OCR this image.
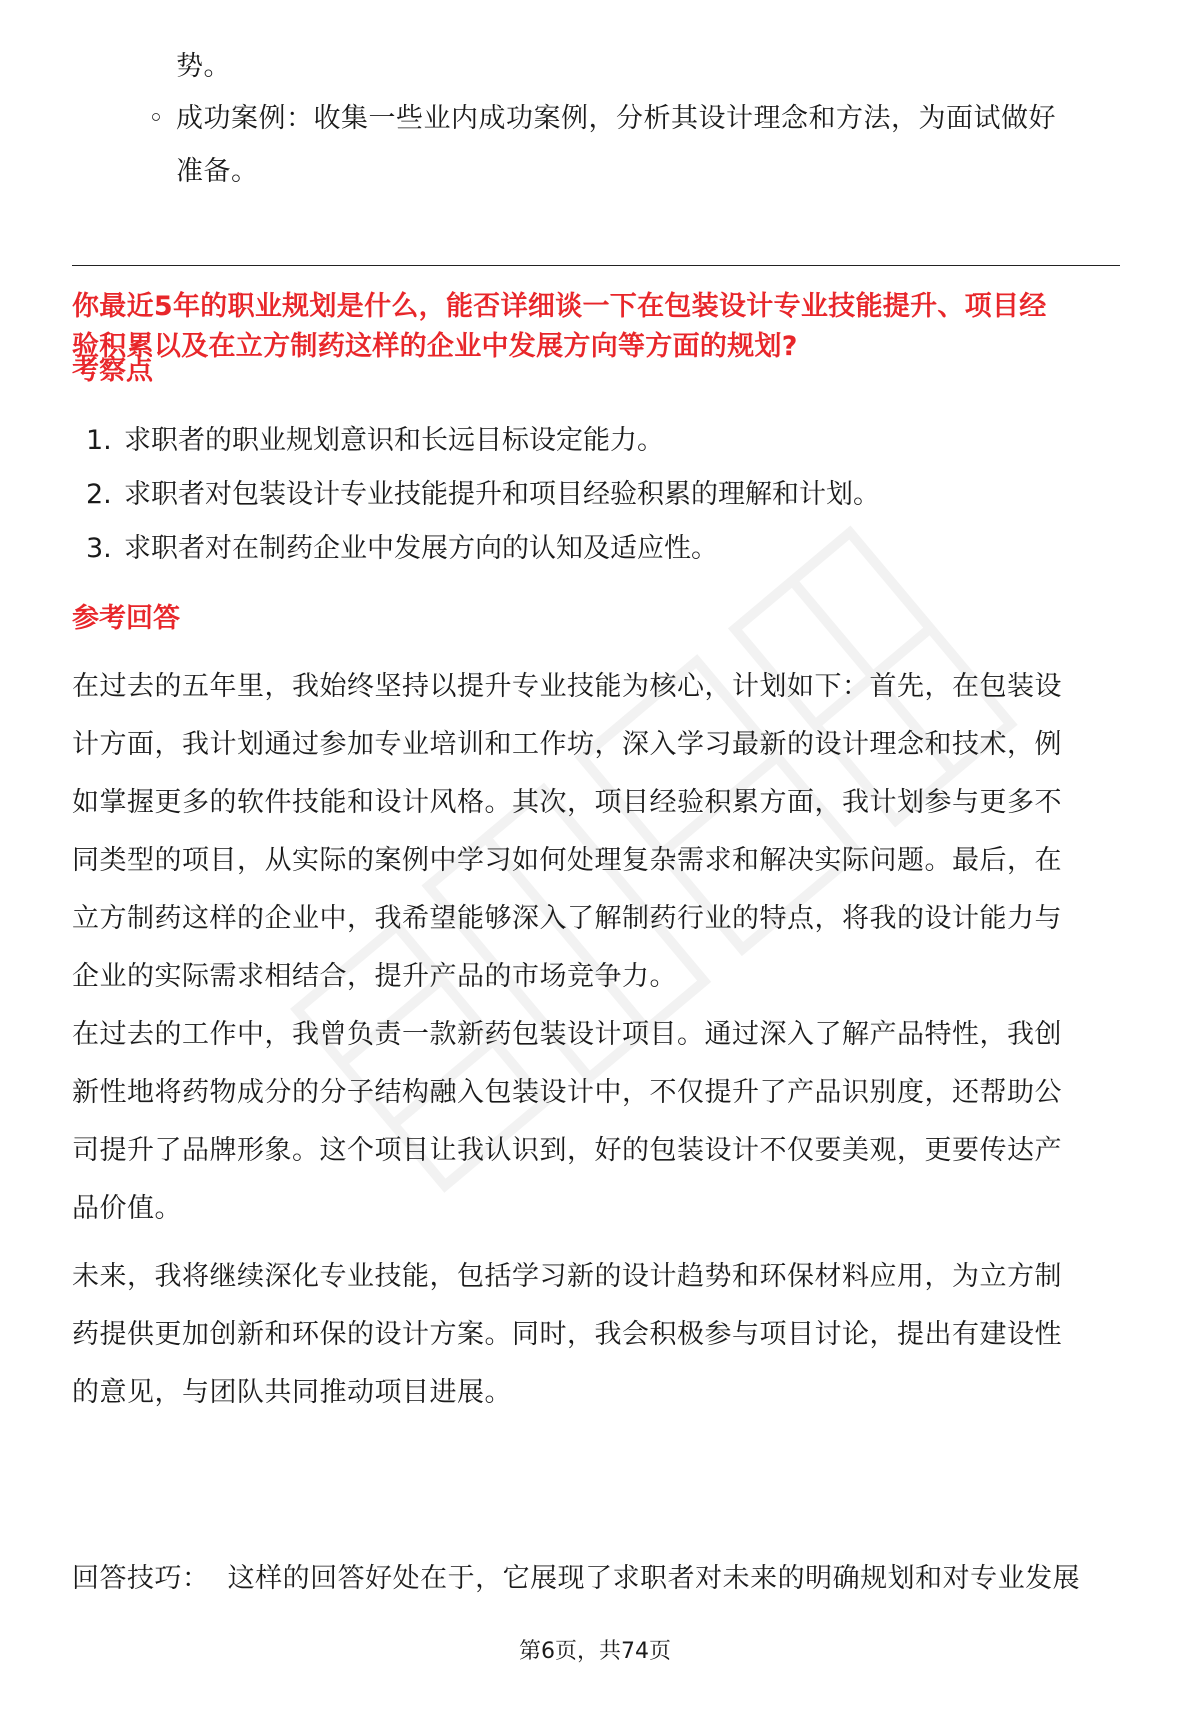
势。
◦ 成功案例：收集一些业内成功案例，分析其设计理念和方法，为面试做好
准备。
你最近5年的职业规划是什么，能否详细谈一下在包装设计专业技能提升、项目经
验积累以及在立方制药这样的企业中发展方向等方面的规划?
考察点
1. 求职者的职业规划意识和长远目标设定能力。
2. 求职者对包装设计专业技能提升和项目经验积累的理解和计划。
3. 求职者对在制药企业中发展方向的认知及适应性。
参考回答
在过去的五年里，我始终坚持以提升专业技能为核心，计划如下：首先，在包装设
计方面，我计划通过参加专业培训和工作坊，深入学习最新的设计理念和技术，例
如掌握更多的软件技能和设计风格。其次，项目经验积累方面，我计划参与更多不
同类型的项目，从实际的案例中学习如何处理复杂需求和解决实际问题。最后，在
立方制药这样的企业中，我希望能够深入了解制药行业的特点，将我的设计能力与
企业的实际需求相结合，提升产品的市场竞争力。
在过去的工作中，我曾负责一款新药包装设计项目。通过深入了解产品特性，我创
新性地将药物成分的分子结构融入包装设计中，不仅提升了产品识别度，还帮助公
司提升了品牌形象。这个项目让我认识到，好的包装设计不仅要美观，更要传达产
品价值。
未来，我将继续深化专业技能，包括学习新的设计趋势和环保材料应用，为立方制
药提供更加创新和环保的设计方案。同时，我会积极参与项目讨论，提出有建设性
的意见，与团队共同推动项目进展。

回答技巧：  这样的回答好处在于，它展现了求职者对未来的明确规划和对专业发展

第6页，共74页
